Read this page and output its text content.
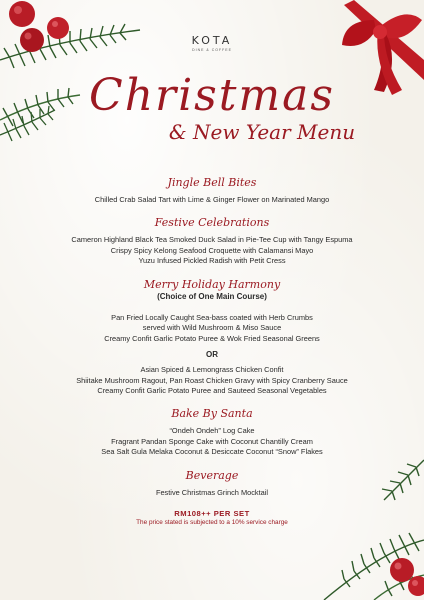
KOTA
DINE & COFFEE
Christmas
& New Year Menu
Jingle Bell Bites
Chilled Crab Salad Tart with Lime & Ginger Flower on Marinated Mango
Festive Celebrations
Cameron Highland Black Tea Smoked Duck Salad in Pie-Tee Cup with Tangy Espuma
Crispy Spicy Kelong Seafood Croquette with Calamansi Mayo
Yuzu Infused Pickled Radish with Petit Cress
Merry Holiday Harmony
(Choice of One Main Course)
Pan Fried Locally Caught Sea-bass coated with Herb Crumbs
served with Wild Mushroom & Miso Sauce
Creamy Confit Garlic Potato Puree & Wok Fried Seasonal Greens
OR
Asian Spiced & Lemongrass Chicken Confit
Shiitake Mushroom Ragout, Pan Roast Chicken Gravy with Spicy Cranberry Sauce
Creamy Confit Garlic Potato Puree and Sauteed Seasonal Vegetables
Bake By Santa
“Ondeh Ondeh” Log Cake
Fragrant Pandan Sponge Cake with Coconut Chantilly Cream
Sea Salt Gula Melaka Coconut & Desiccate Coconut “Snow” Flakes
Beverage
Festive Christmas Grinch Mocktail
RM108++ PER SET
The price stated is subjected to a 10% service charge
